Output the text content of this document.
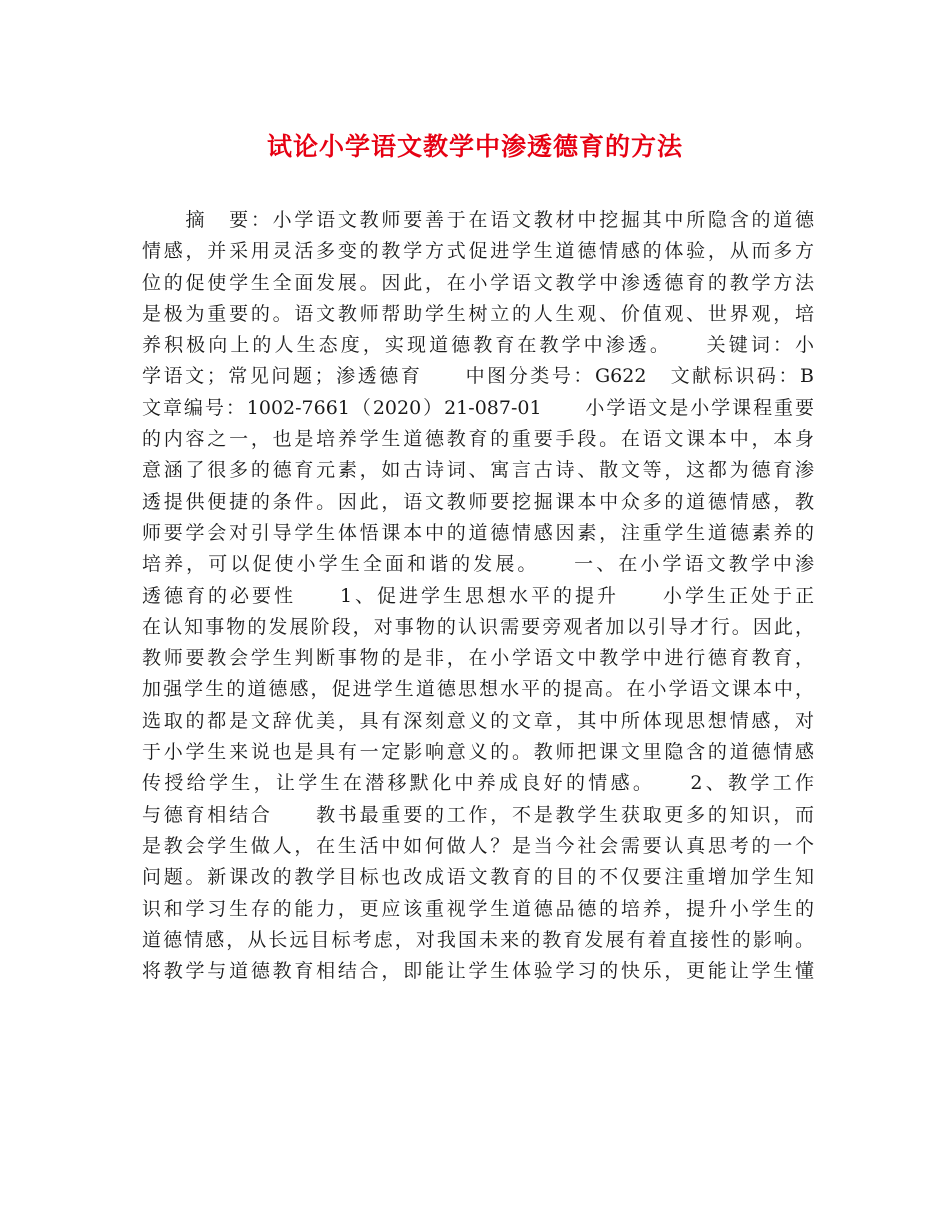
试论小学语文教学中渗透德育的方法
　　摘　要：小学语文教师要善于在语文教材中挖掘其中所隐含的道德
情感，并采用灵活多变的教学方式促进学生道德情感的体验，从而多方
位的促使学生全面发展。因此，在小学语文教学中渗透德育的教学方法
是极为重要的。语文教师帮助学生树立的人生观、价值观、世界观，培
养积极向上的人生态度，实现道德教育在教学中渗透。　　关键词：小
学语文；常见问题；渗透德育　　中图分类号：G622　文献标识码：B
文章编号：1002-7661（2020）21-087-01　　小学语文是小学课程重要
的内容之一，也是培养学生道德教育的重要手段。在语文课本中，本身
意涵了很多的德育元素，如古诗词、寓言古诗、散文等，这都为德育渗
透提供便捷的条件。因此，语文教师要挖掘课本中众多的道德情感，教
师要学会对引导学生体悟课本中的道德情感因素，注重学生道德素养的
培养，可以促使小学生全面和谐的发展。　　一、在小学语文教学中渗
透德育的必要性　　1、促进学生思想水平的提升　　小学生正处于正
在认知事物的发展阶段，对事物的认识需要旁观者加以引导才行。因此，
教师要教会学生判断事物的是非，在小学语文中教学中进行德育教育，
加强学生的道德感，促进学生道德思想水平的提高。在小学语文课本中，
选取的都是文辞优美，具有深刻意义的文章，其中所体现思想情感，对
于小学生来说也是具有一定影响意义的。教师把课文里隐含的道德情感
传授给学生，让学生在潜移默化中养成良好的情感。　　2、教学工作
与德育相结合　　教书最重要的工作，不是教学生获取更多的知识，而
是教会学生做人，在生活中如何做人？是当今社会需要认真思考的一个
问题。新课改的教学目标也改成语文教育的目的不仅要注重增加学生知
识和学习生存的能力，更应该重视学生道德品德的培养，提升小学生的
道德情感，从长远目标考虑，对我国未来的教育发展有着直接性的影响。
将教学与道德教育相结合，即能让学生体验学习的快乐，更能让学生懂
